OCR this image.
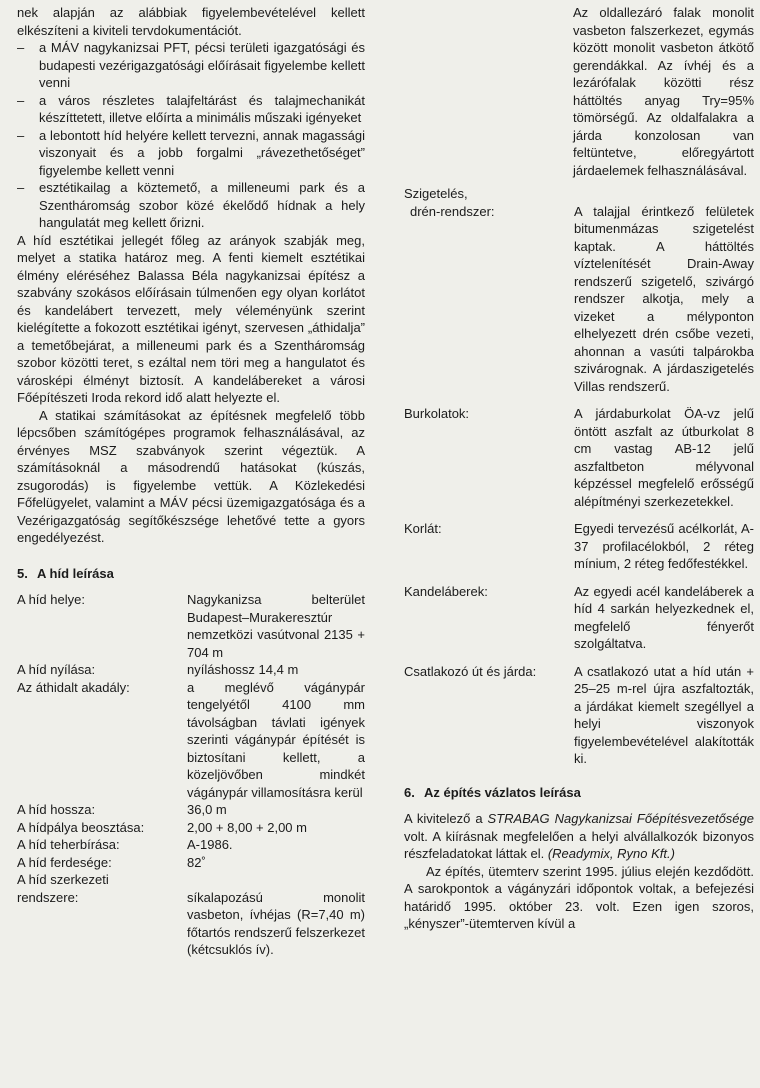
nek alapján az alábbiak figyelembevételével kellett elkészíteni a kiviteli tervdokumentációt.

– a MÁV nagykanizsai PFT, pécsi területi igazgatósági és budapesti vezérigazgatósági előírásait figyelembe kellett venni
– a város részletes talajfeltárást és talajmechanikát készíttetett, illetve előírta a minimális műszaki igényeket
– a lebontott híd helyére kellett tervezni, annak magassági viszonyait és a jobb forgalmi „rávezethetőséget” figyelembe kellett venni
– esztétikailag a köztemető, a milleneumi park és a Szentháromság szobor közé ékelődő hídnak a hely hangulatát meg kellett őrizni.

A híd esztétikai jellegét főleg az arányok szabják meg, melyet a statika határoz meg. A fenti kiemelt esztétikai élmény eléréséhez Balassa Béla nagykanizsai építész a szabvány szokásos előírásain túlmenően egy olyan korlátot és kandelábert tervezett, mely véleményünk szerint kielégítette a fokozott esztétikai igényt, szervesen „áthidalja” a temetőbejárat, a milleneumi park és a Szentháromság szobor közötti teret, s ezáltal nem töri meg a hangulatot és városképi élményt biztosít. A kandelábereket a városi Főépítészeti Iroda rekord idő alatt helyezte el.

A statikai számításokat az építésnek megfelelő több lépcsőben számítógépes programok felhasználásával, az érvényes MSZ szabványok szerint végeztük. A számításoknál a másodrendű hatásokat (kúszás, zsugorodás) is figyelembe vettük. A Közlekedési Főfelügyelet, valamint a MÁV pécsi üzemigazgatósága és a Vezérigazgatóság segítőkészsége lehetővé tette a gyors engedélyezést.

5. A híd leírása
A híd helye:	Nagykanizsa belterület Budapest–Murakeresztúr nemzetközi vasútvonal 2135 + 704 m
A híd nyílása:	nyíláshossz 14,4 m
Az áthidalt akadály:	a meglévő vágánypár tengelyétől 4100 mm távolságban távlati igények szerinti vágánypár építését is biztosítani kellett, a közeljövőben mindkét vágánypár villamosításra kerül
A híd hossza:	36,0 m
A hídpálya beosztása:	2,00 + 8,00 + 2,00 m
A híd teherbírása:	A-1986.
A híd ferdesége:	82˚
A híd szerkezeti	
rendszere:	síkalapozású monolit vasbeton, ívhéjas (R=7,40 m) főtartós rendszerű felszerkezet (kétcsuklós ív).

Az oldallezáró falak monolit vasbeton falszerkezet, egymás között monolit vasbeton átkötő gerendákkal. Az ívhéj és a lezárófalak közötti rész háttöltés anyag Try=95% tömörségű. Az oldalfalakra a járda konzolosan van feltüntetve, előregyártott járdaelemek felhasználásával.

Szigetelés,
drén-rendszer:	A talajjal érintkező felületek bitumenmázas szigetelést kaptak. A háttöltés víztelenítését Drain-Away rendszerű szigetelő, szivárgó rendszer alkotja, mely a vizeket a mélyponton elhelyezett drén csőbe vezeti, ahonnan a vasúti talpárokba szivárognak. A járdaszigetelés Villas rendszerű.
Burkolatok:	A járdaburkolat ÖA-vz jelű öntött aszfalt az útburkolat 8 cm vastag AB-12 jelű aszfaltbeton mélyvonal képzéssel megfelelő erősségű alépítményi szerkezetekkel.
Korlát:	Egyedi tervezésű acélkorlát, A-37 profilacélokból, 2 réteg mínium, 2 réteg fedőfestékkel.
Kandeláberek:	Az egyedi acél kandeláberek a híd 4 sarkán helyezkednek el, megfelelő fényerőt szolgáltatva.
Csatlakozó út és járda:	A csatlakozó utat a híd után + 25–25 m-rel újra aszfaltozták, a járdákat kiemelt szegéllyel a helyi viszonyok figyelembevételével alakították ki.
6. Az építés vázlatos leírása

A kivitelező a STRABAG Nagykanizsai Főépítésvezetősége volt. A kiírásnak megfelelően a helyi alvállalkozók bizonyos részfeladatokat láttak el. (Readymix, Ryno Kft.)

Az építés, ütemterv szerint 1995. július elején kezdődött. A sarokpontok a vágányzári időpontok voltak, a befejezési határidő 1995. október 23. volt. Ezen igen szoros, „kényszer”-ütemterven kívül a
